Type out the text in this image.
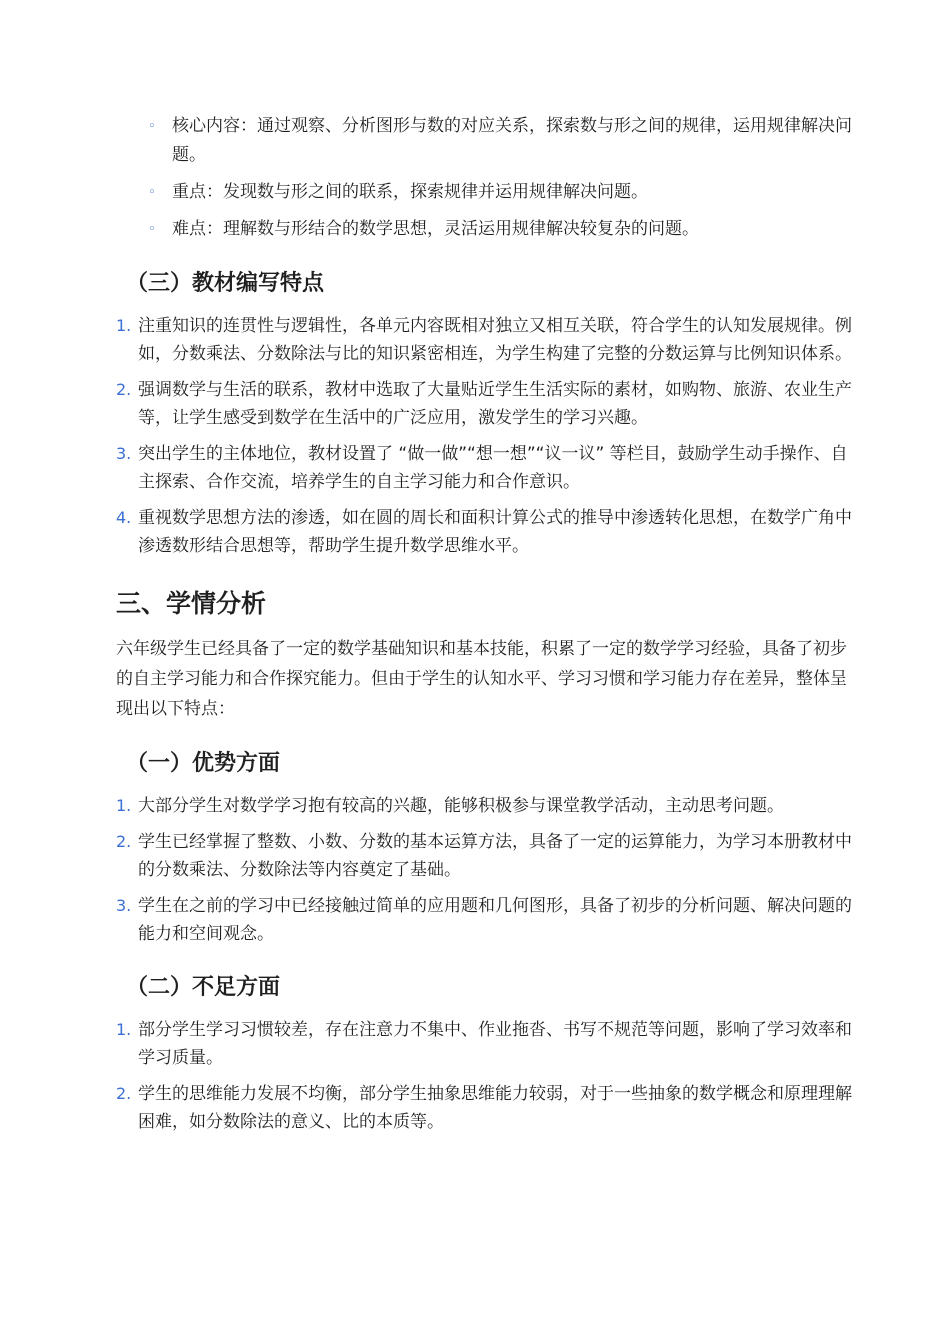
◦ 核心内容：通过观察、分析图形与数的对应关系，探索数与形之间的规律，运用规律解决问题。
◦ 重点：发现数与形之间的联系，探索规律并运用规律解决问题。
◦ 难点：理解数与形结合的数学思想，灵活运用规律解决较复杂的问题。
（三）教材编写特点
1. 注重知识的连贯性与逻辑性，各单元内容既相对独立又相互关联，符合学生的认知发展规律。例如，分数乘法、分数除法与比的知识紧密相连，为学生构建了完整的分数运算与比例知识体系。
2. 强调数学与生活的联系，教材中选取了大量贴近学生生活实际的素材，如购物、旅游、农业生产等，让学生感受到数学在生活中的广泛应用，激发学生的学习兴趣。
3. 突出学生的主体地位，教材设置了 “做一做”“想一想”“议一议” 等栏目，鼓励学生动手操作、自主探索、合作交流，培养学生的自主学习能力和合作意识。
4. 重视数学思想方法的渗透，如在圆的周长和面积计算公式的推导中渗透转化思想，在数学广角中渗透数形结合思想等，帮助学生提升数学思维水平。
三、学情分析

六年级学生已经具备了一定的数学基础知识和基本技能，积累了一定的数学学习经验，具备了初步的自主学习能力和合作探究能力。但由于学生的认知水平、学习习惯和学习能力存在差异，整体呈现出以下特点：

（一）优势方面
1. 大部分学生对数学学习抱有较高的兴趣，能够积极参与课堂教学活动，主动思考问题。
2. 学生已经掌握了整数、小数、分数的基本运算方法，具备了一定的运算能力，为学习本册教材中的分数乘法、分数除法等内容奠定了基础。
3. 学生在之前的学习中已经接触过简单的应用题和几何图形，具备了初步的分析问题、解决问题的能力和空间观念。
（二）不足方面
1. 部分学生学习习惯较差，存在注意力不集中、作业拖沓、书写不规范等问题，影响了学习效率和学习质量。
2. 学生的思维能力发展不均衡，部分学生抽象思维能力较弱，对于一些抽象的数学概念和原理理解困难，如分数除法的意义、比的本质等。
